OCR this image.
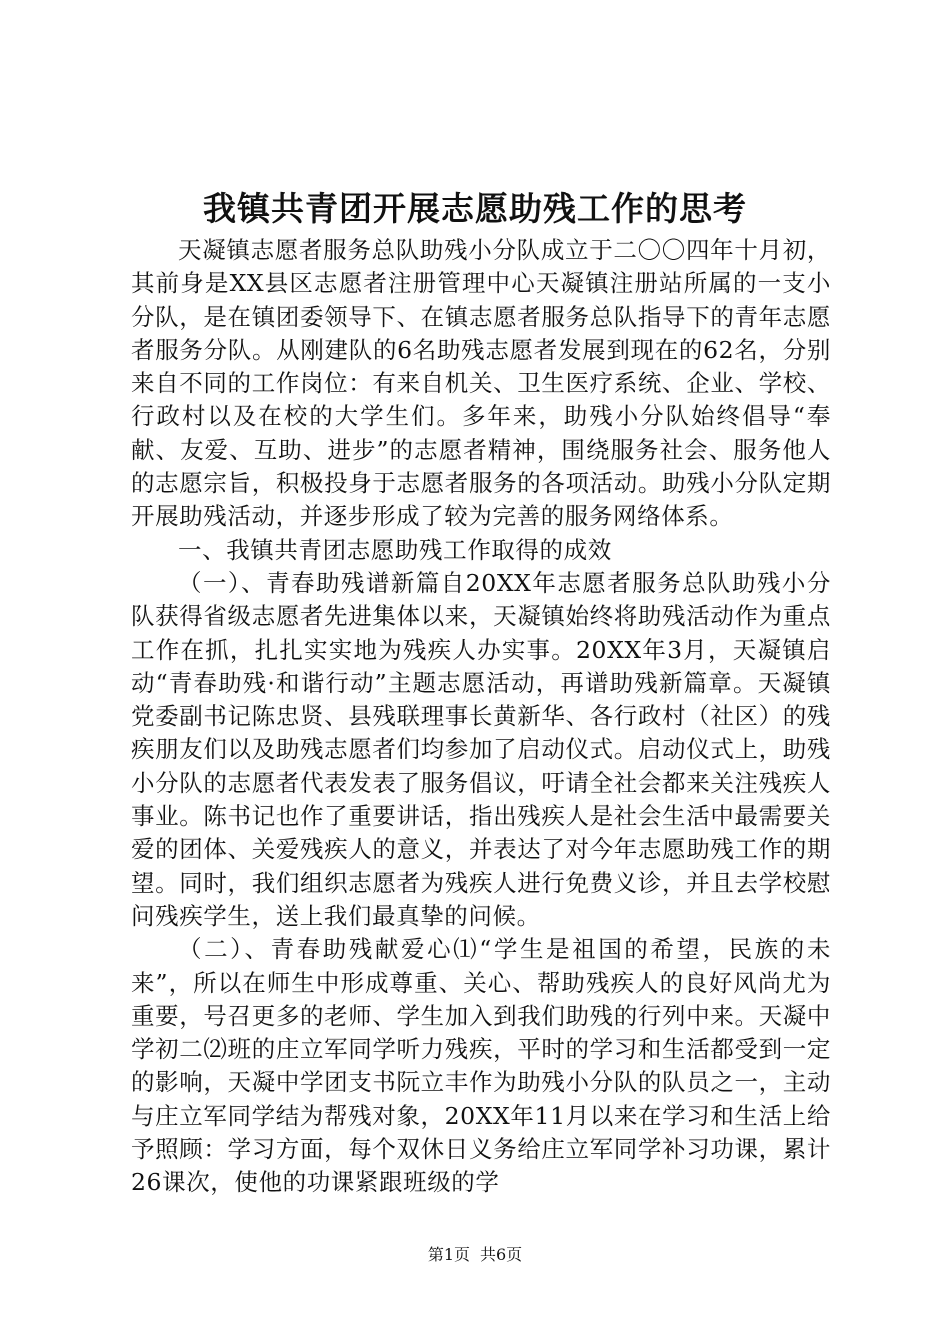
我镇共青团开展志愿助残工作的思考

天凝镇志愿者服务总队助残小分队成立于二〇〇四年十月初，其前身是XX县区志愿者注册管理中心天凝镇注册站所属的一支小分队，是在镇团委领导下、在镇志愿者服务总队指导下的青年志愿者服务分队。从刚建队的6名助残志愿者发展到现在的62名，分别来自不同的工作岗位：有来自机关、卫生医疗系统、企业、学校、行政村以及在校的大学生们。多年来，助残小分队始终倡导“奉献、友爱、互助、进步”的志愿者精神，围绕服务社会、服务他人的志愿宗旨，积极投身于志愿者服务的各项活动。助残小分队定期开展助残活动，并逐步形成了较为完善的服务网络体系。

一、我镇共青团志愿助残工作取得的成效

（一）、青春助残谱新篇自20XX年志愿者服务总队助残小分队获得省级志愿者先进集体以来，天凝镇始终将助残活动作为重点工作在抓，扎扎实实地为残疾人办实事。20XX年3月，天凝镇启动“青春助残·和谐行动”主题志愿活动，再谱助残新篇章。天凝镇党委副书记陈忠贤、县残联理事长黄新华、各行政村（社区）的残疾朋友们以及助残志愿者们均参加了启动仪式。启动仪式上，助残小分队的志愿者代表发表了服务倡议，吁请全社会都来关注残疾人事业。陈书记也作了重要讲话，指出残疾人是社会生活中最需要关爱的团体、关爱残疾人的意义，并表达了对今年志愿助残工作的期望。同时，我们组织志愿者为残疾人进行免费义诊，并且去学校慰问残疾学生，送上我们最真挚的问候。

（二）、青春助残献爱心⑴“学生是祖国的希望，民族的未来”，所以在师生中形成尊重、关心、帮助残疾人的良好风尚尤为重要，号召更多的老师、学生加入到我们助残的行列中来。天凝中学初二⑵班的庄立军同学听力残疾，平时的学习和生活都受到一定的影响，天凝中学团支书阮立丰作为助残小分队的队员之一，主动与庄立军同学结为帮残对象，20XX年11月以来在学习和生活上给予照顾：学习方面，每个双休日义务给庄立军同学补习功课，累计26课次，使他的功课紧跟班级的学

第1页 共6页
